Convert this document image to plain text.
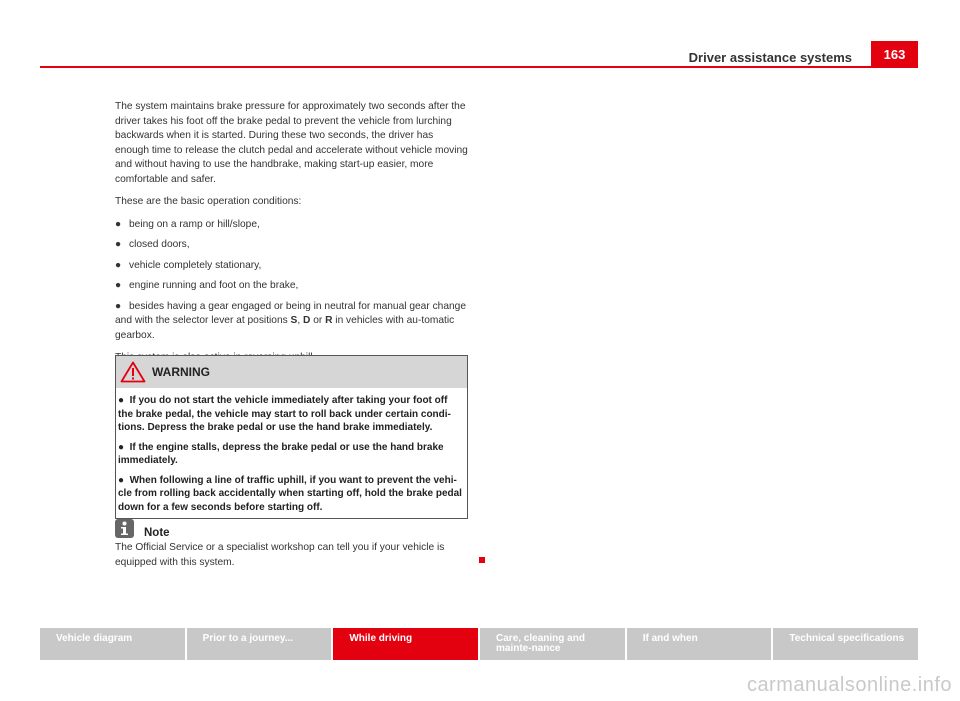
Driver assistance systems	163

The system maintains brake pressure for approximately two seconds after the driver takes his foot off the brake pedal to prevent the vehicle from lurching backwards when it is started. During these two seconds, the driver has enough time to release the clutch pedal and accelerate without vehicle moving and without having to use the handbrake, making start-up easier, more comfortable and safer.

These are the basic operation conditions:

● being on a ramp or hill/slope,
● closed doors,
● vehicle completely stationary,
● engine running and foot on the brake,
● besides having a gear engaged or being in neutral for manual gear change and with the selector lever at positions S, D or R in vehicles with au-tomatic gearbox.

WARNING

● If you do not start the vehicle immediately after taking your foot off the brake pedal, the vehicle may start to roll back under certain condi-tions. Depress the brake pedal or use the hand brake immediately.

● If the engine stalls, depress the brake pedal or use the hand brake immediately.

● When following a line of traffic uphill, if you want to prevent the vehi-cle from rolling back accidentally when starting off, hold the brake pedal down for a few seconds before starting off.

Note
The Official Service or a specialist workshop can tell you if your vehicle is equipped with this system.
Vehicle diagram	Prior to a journey...	While driving	Care, cleaning and mainte-nance
If and when	Technical specifications
carmanualsonline.info
